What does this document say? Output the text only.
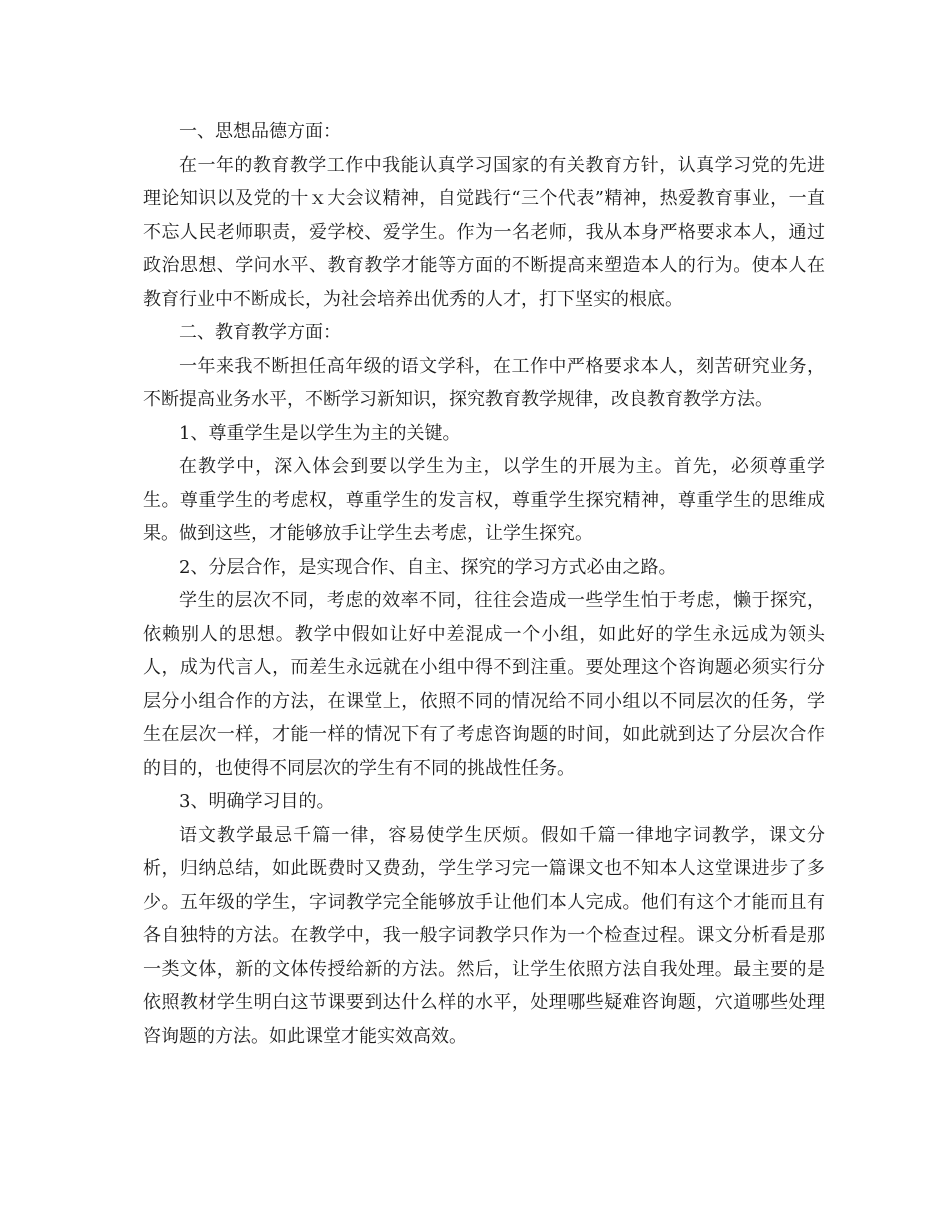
一、思想品德方面：

在一年的教育教学工作中我能认真学习国家的有关教育方针，认真学习党的先进理论知识以及党的十ｘ大会议精神，自觉践行“三个代表”精神，热爱教育事业，一直不忘人民老师职责，爱学校、爱学生。作为一名老师，我从本身严格要求本人，通过政治思想、学问水平、教育教学才能等方面的不断提高来塑造本人的行为。使本人在教育行业中不断成长，为社会培养出优秀的人才，打下坚实的根底。

二、教育教学方面：

一年来我不断担任高年级的语文学科，在工作中严格要求本人，刻苦研究业务，不断提高业务水平，不断学习新知识，探究教育教学规律，改良教育教学方法。

1、尊重学生是以学生为主的关键。

在教学中，深入体会到要以学生为主，以学生的开展为主。首先，必须尊重学生。尊重学生的考虑权，尊重学生的发言权，尊重学生探究精神，尊重学生的思维成果。做到这些，才能够放手让学生去考虑，让学生探究。

2、分层合作，是实现合作、自主、探究的学习方式必由之路。

学生的层次不同，考虑的效率不同，往往会造成一些学生怕于考虑，懒于探究，依赖别人的思想。教学中假如让好中差混成一个小组，如此好的学生永远成为领头人，成为代言人，而差生永远就在小组中得不到注重。要处理这个咨询题必须实行分层分小组合作的方法，在课堂上，依照不同的情况给不同小组以不同层次的任务，学生在层次一样，才能一样的情况下有了考虑咨询题的时间，如此就到达了分层次合作的目的，也使得不同层次的学生有不同的挑战性任务。

3、明确学习目的。

语文教学最忌千篇一律，容易使学生厌烦。假如千篇一律地字词教学，课文分析，归纳总结，如此既费时又费劲，学生学习完一篇课文也不知本人这堂课进步了多少。五年级的学生，字词教学完全能够放手让他们本人完成。他们有这个才能而且有各自独特的方法。在教学中，我一般字词教学只作为一个检查过程。课文分析看是那一类文体，新的文体传授给新的方法。然后，让学生依照方法自我处理。最主要的是依照教材学生明白这节课要到达什么样的水平，处理哪些疑难咨询题，穴道哪些处理咨询题的方法。如此课堂才能实效高效。
